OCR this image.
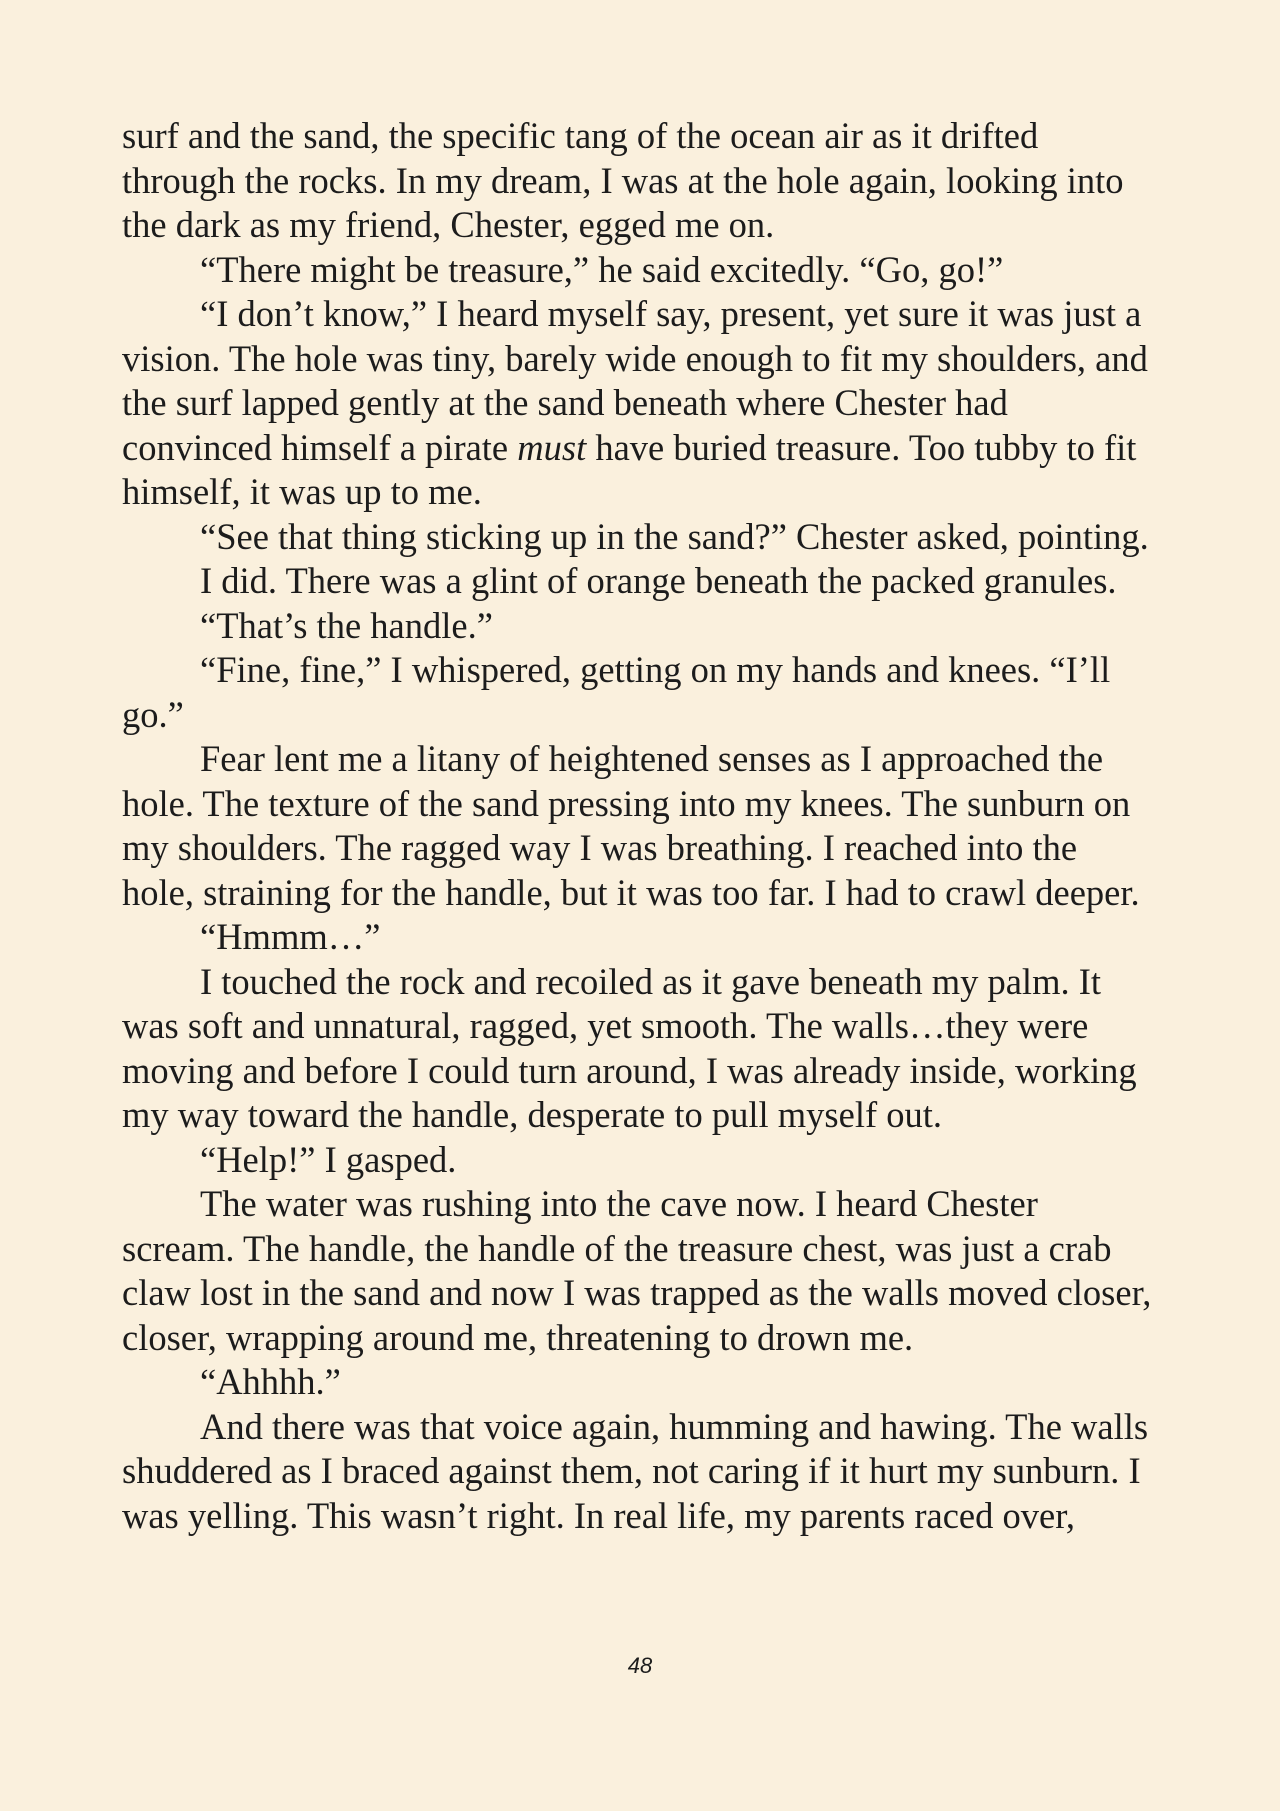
surf and the sand, the specific tang of the ocean air as it drifted

through the rocks. In my dream, I was at the hole again, looking into

the dark as my friend, Chester, egged me on.

“There might be treasure,” he said excitedly. “Go, go!”

“I don’t know,” I heard myself say, present, yet sure it was just a

vision. The hole was tiny, barely wide enough to fit my shoulders, and

the surf lapped gently at the sand beneath where Chester had

convinced himself a pirate must have buried treasure. Too tubby to fit

himself, it was up to me.

“See that thing sticking up in the sand?” Chester asked, pointing.

I did. There was a glint of orange beneath the packed granules.

“That’s the handle.”

“Fine, fine,” I whispered, getting on my hands and knees. “I’ll

go.”

Fear lent me a litany of heightened senses as I approached the

hole. The texture of the sand pressing into my knees. The sunburn on

my shoulders. The ragged way I was breathing. I reached into the

hole, straining for the handle, but it was too far. I had to crawl deeper.

“Hmmm…”

I touched the rock and recoiled as it gave beneath my palm. It

was soft and unnatural, ragged, yet smooth. The walls…they were

moving and before I could turn around, I was already inside, working

my way toward the handle, desperate to pull myself out.

“Help!” I gasped.

The water was rushing into the cave now. I heard Chester

scream. The handle, the handle of the treasure chest, was just a crab

claw lost in the sand and now I was trapped as the walls moved closer,

closer, wrapping around me, threatening to drown me.

“Ahhhh.”

And there was that voice again, humming and hawing. The walls

shuddered as I braced against them, not caring if it hurt my sunburn. I

was yelling. This wasn’t right. In real life, my parents raced over,

48
